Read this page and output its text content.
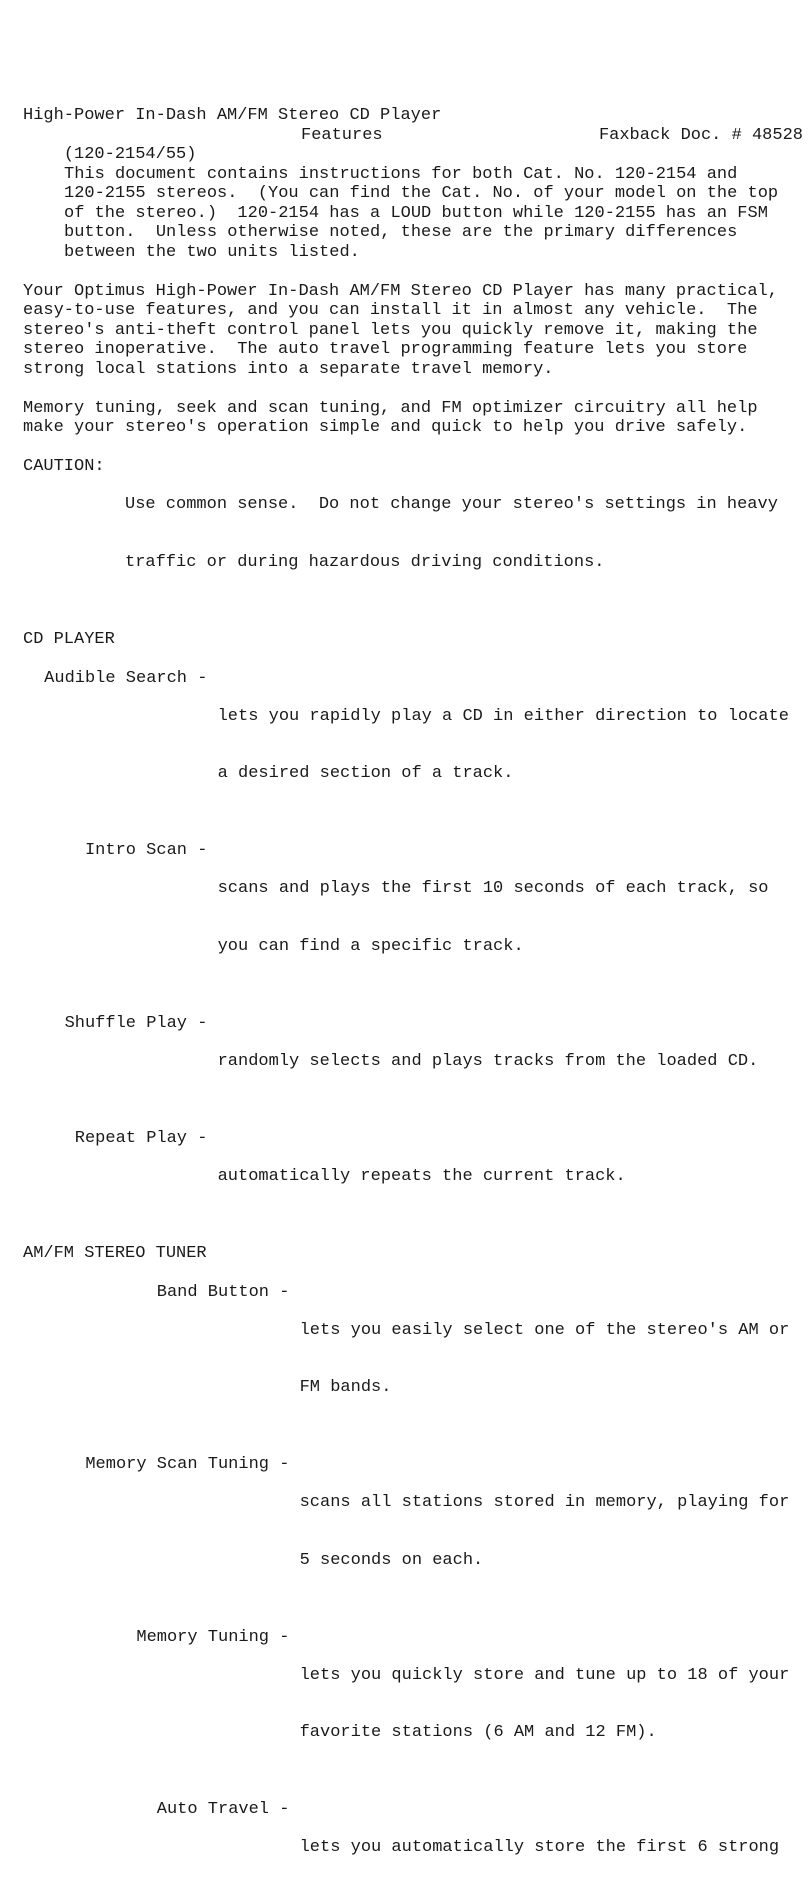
High-Power In-Dash AM/FM Stereo CD Player

(120-2154/55)

Features

	Faxback Doc. # 48528

This document contains instructions for both Cat. No. 120-2154 and
120-2155 stereos.  (You can find the Cat. No. of your model on the top
of the stereo.)  120-2154 has a LOUD button while 120-2155 has an FSM
button.  Unless otherwise noted, these are the primary differences
between the two units listed.
Your Optimus High-Power In-Dash AM/FM Stereo CD Player has many practical,
easy-to-use features, and you can install it in almost any vehicle.  The
stereo's anti-theft control panel lets you quickly remove it, making the
stereo inoperative.  The auto travel programming feature lets you store
strong local stations into a separate travel memory.
Memory tuning, seek and scan tuning, and FM optimizer circuitry all help
make your stereo's operation simple and quick to help you drive safely.
CAUTION:

Use common sense.  Do not change your stereo's settings in heavy

traffic or during hazardous driving conditions.

CD PLAYER
Audible Search -

lets you rapidly play a CD in either direction to locate

a desired section of a track.

Intro Scan -

scans and plays the first 10 seconds of each track, so

you can find a specific track.

Shuffle Play -

randomly selects and plays tracks from the loaded CD.

Repeat Play -

automatically repeats the current track.

AM/FM STEREO TUNER
Band Button -

lets you easily select one of the stereo's AM or

FM bands.

Memory Scan Tuning -

scans all stations stored in memory, playing for

5 seconds on each.

Memory Tuning -

lets you quickly store and tune up to 18 of your

favorite stations (6 AM and 12 FM).

Auto Travel -

lets you automatically store the first 6 strong
